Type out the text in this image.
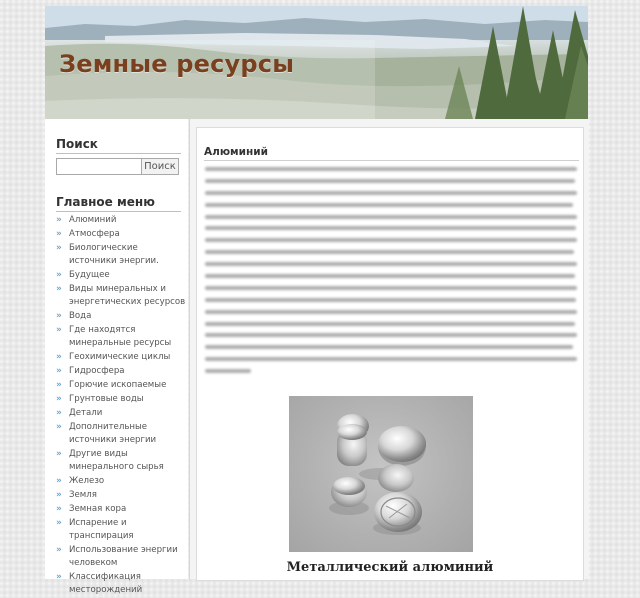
Земные ресурсы
Поиск
Поиск
Главное меню
» Алюминий
» Атмосфера
» Биологические источники энергии.
» Будущее
» Виды минеральных и энергетических ресурсов
» Вода
» Где находятся минеральные ресурсы
» Геохимические циклы
» Гидросфера
» Горючие ископаемые
» Грунтовые воды
» Детали
» Дополнительные источники энергии
» Другие виды минерального сырья
» Железо
» Земля
» Земная кора
» Испарение и транспирация
» Использование энергии человеком
» Классификация месторождений
Алюминий
Металлический алюминий
